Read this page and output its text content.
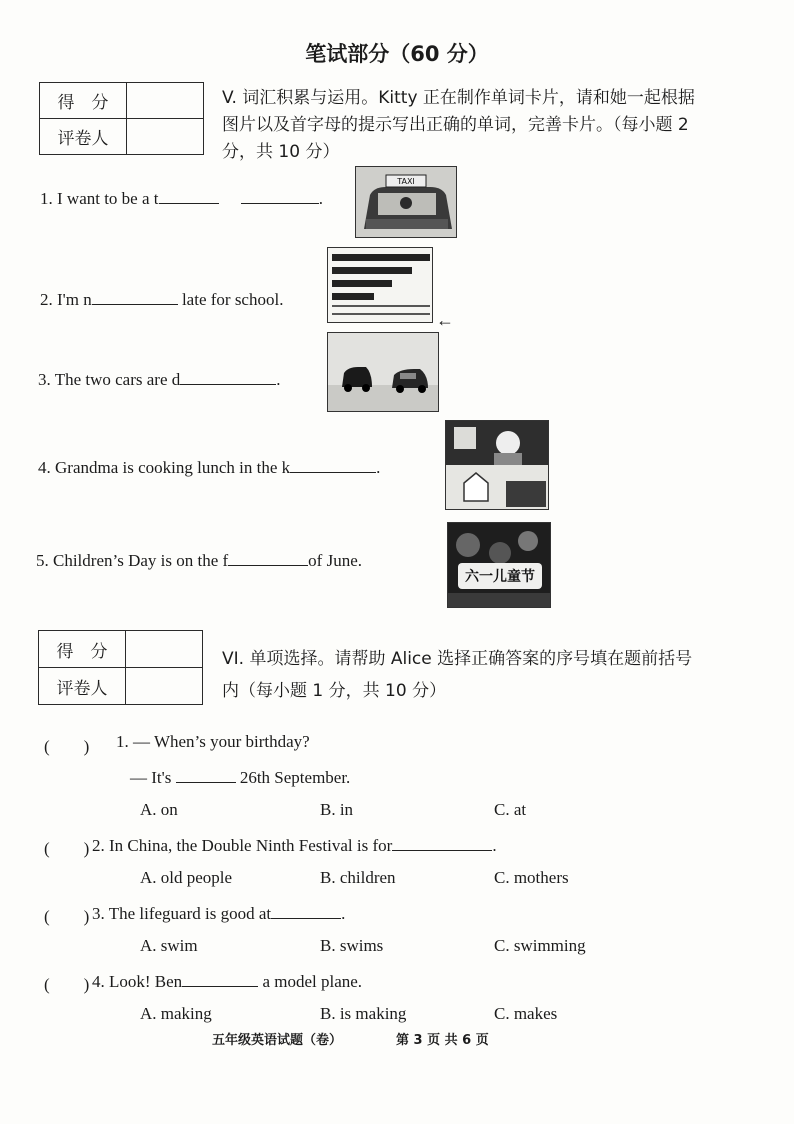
笔试部分（60 分）
得　分	
评卷人	
V. 词汇积累与运用。Kitty 正在制作单词卡片，请和她一起根据图片以及首字母的提示写出正确的单词，完善卡片。（每小题 2 分，共 10 分）
1. I want to be a t	.
TAXI
2. I'm n	late for school.
←
3. The two cars are d	.
4. Grandma is cooking lunch in the k	.
5. Children’s Day is on the f	of June.
六一儿童节
得　分	
评卷人	
VI. 单项选择。请帮助 Alice 选择正确答案的序号填在题前括号内（每小题 1 分，共 10 分）
(　　) 1. — When’s your birthday?
— It's	26th September.
A. on	B. in	C. at
(　　) 2. In China, the Double Ninth Festival is for	.
A. old people	B. children	C. mothers
(　　) 3. The lifeguard is good at	.
A. swim	B. swims	C. swimming
(　　) 4. Look! Ben	a model plane.
A. making	B. is making	C. makes
五年级英语试题（卷）	第 3 页 共 6 页
